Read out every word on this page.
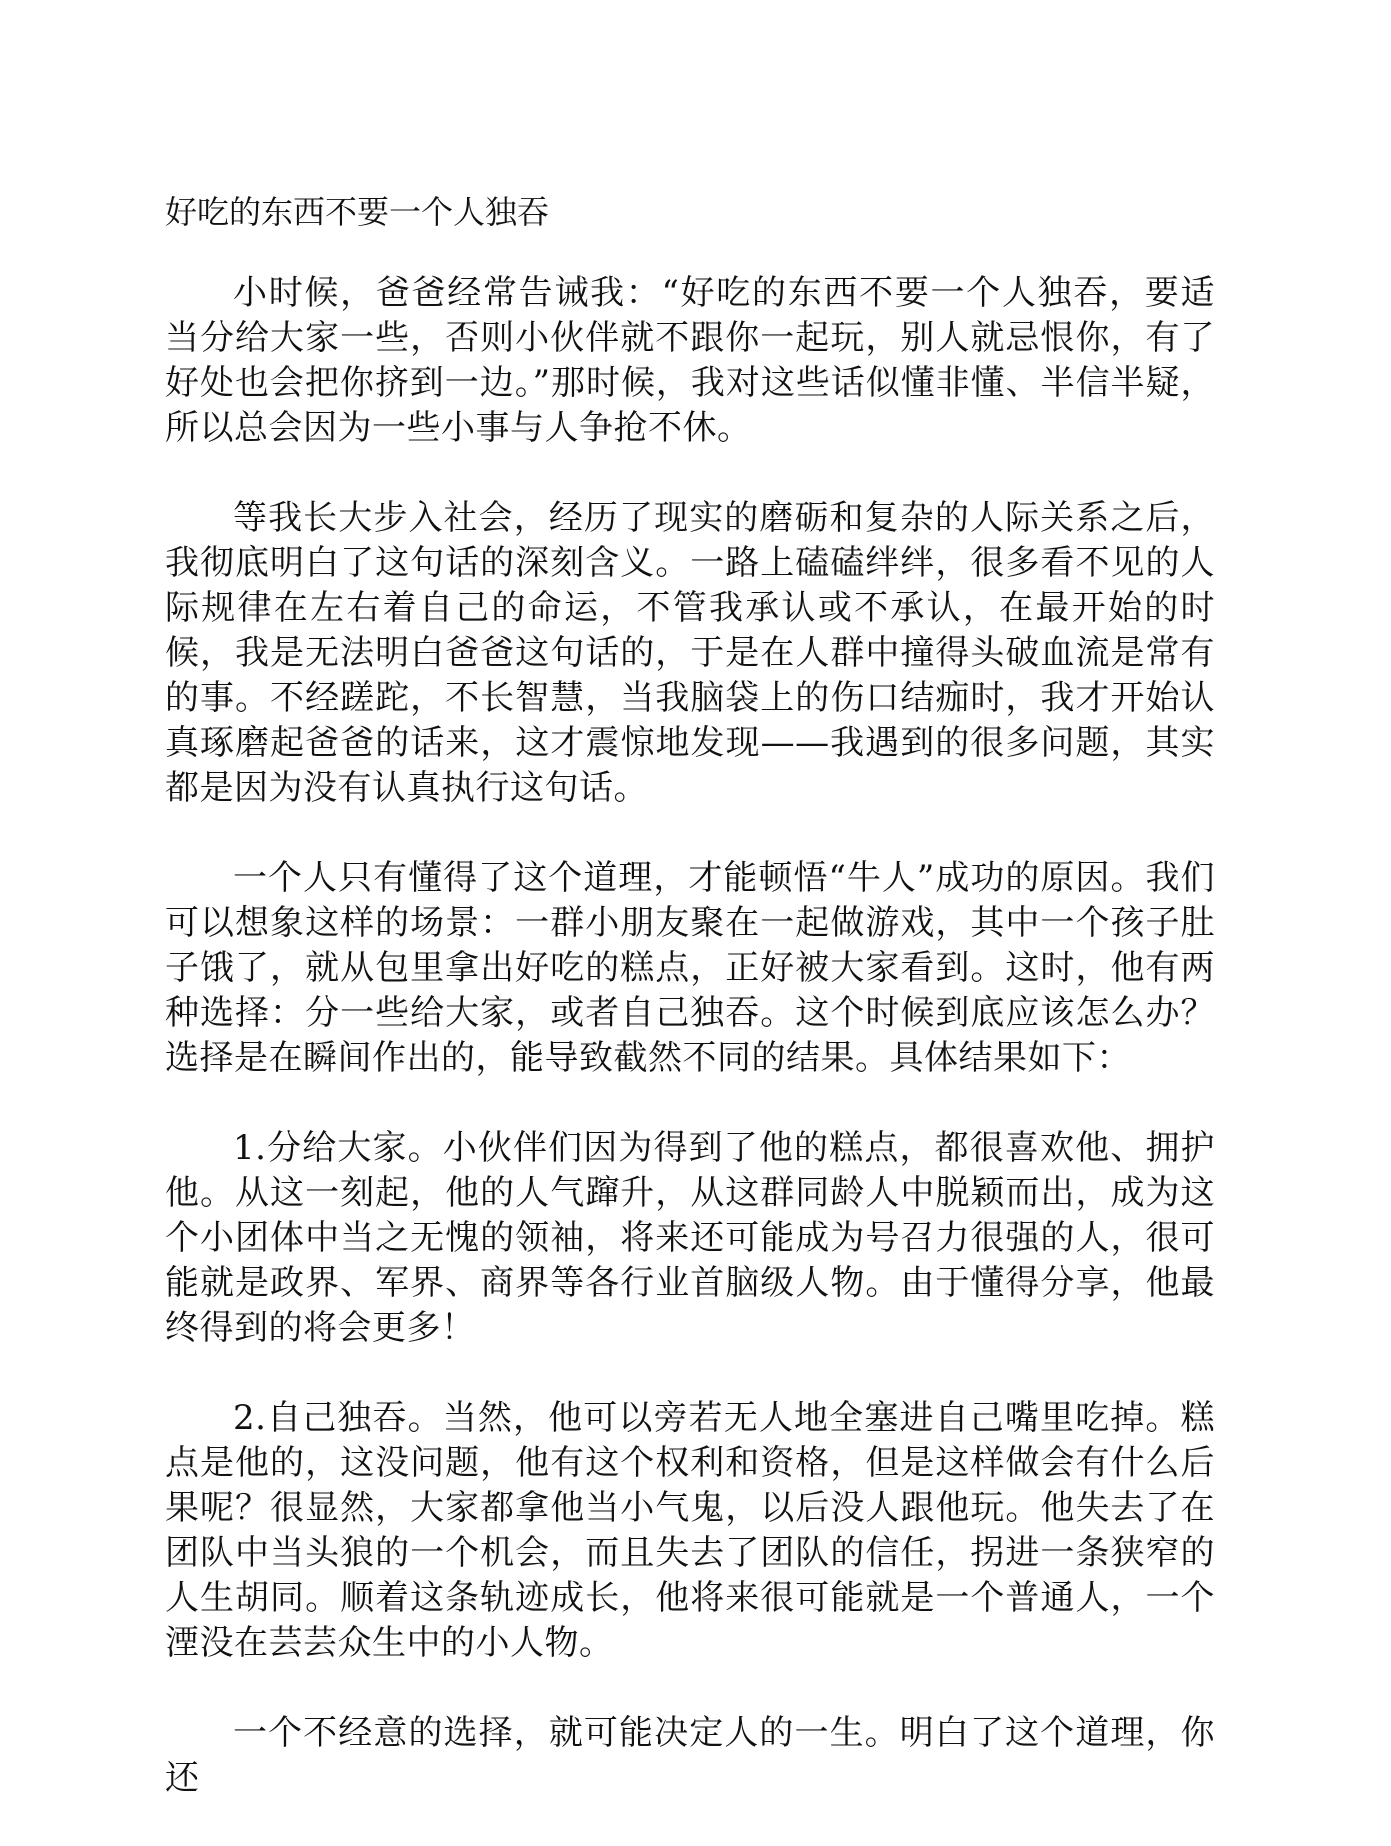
好吃的东西不要一个人独吞

小时候，爸爸经常告诫我：“好吃的东西不要一个人独吞，要适当分给大家一些，否则小伙伴就不跟你一起玩，别人就忌恨你，有了好处也会把你挤到一边。”那时候，我对这些话似懂非懂、半信半疑，所以总会因为一些小事与人争抢不休。

等我长大步入社会，经历了现实的磨砺和复杂的人际关系之后，我彻底明白了这句话的深刻含义。一路上磕磕绊绊，很多看不见的人际规律在左右着自己的命运，不管我承认或不承认，在最开始的时候，我是无法明白爸爸这句话的，于是在人群中撞得头破血流是常有的事。不经蹉跎，不长智慧，当我脑袋上的伤口结痂时，我才开始认真琢磨起爸爸的话来，这才震惊地发现——我遇到的很多问题，其实都是因为没有认真执行这句话。

一个人只有懂得了这个道理，才能顿悟“牛人”成功的原因。我们可以想象这样的场景：一群小朋友聚在一起做游戏，其中一个孩子肚子饿了，就从包里拿出好吃的糕点，正好被大家看到。这时，他有两种选择：分一些给大家，或者自己独吞。这个时候到底应该怎么办？选择是在瞬间作出的，能导致截然不同的结果。具体结果如下：

1.分给大家。小伙伴们因为得到了他的糕点，都很喜欢他、拥护他。从这一刻起，他的人气蹿升，从这群同龄人中脱颖而出，成为这个小团体中当之无愧的领袖，将来还可能成为号召力很强的人，很可能就是政界、军界、商界等各行业首脑级人物。由于懂得分享，他最终得到的将会更多！

2.自己独吞。当然，他可以旁若无人地全塞进自己嘴里吃掉。糕点是他的，这没问题，他有这个权利和资格，但是这样做会有什么后果呢？很显然，大家都拿他当小气鬼，以后没人跟他玩。他失去了在团队中当头狼的一个机会，而且失去了团队的信任，拐进一条狭窄的人生胡同。顺着这条轨迹成长，他将来很可能就是一个普通人，一个湮没在芸芸众生中的小人物。

一个不经意的选择，就可能决定人的一生。明白了这个道理，你还
